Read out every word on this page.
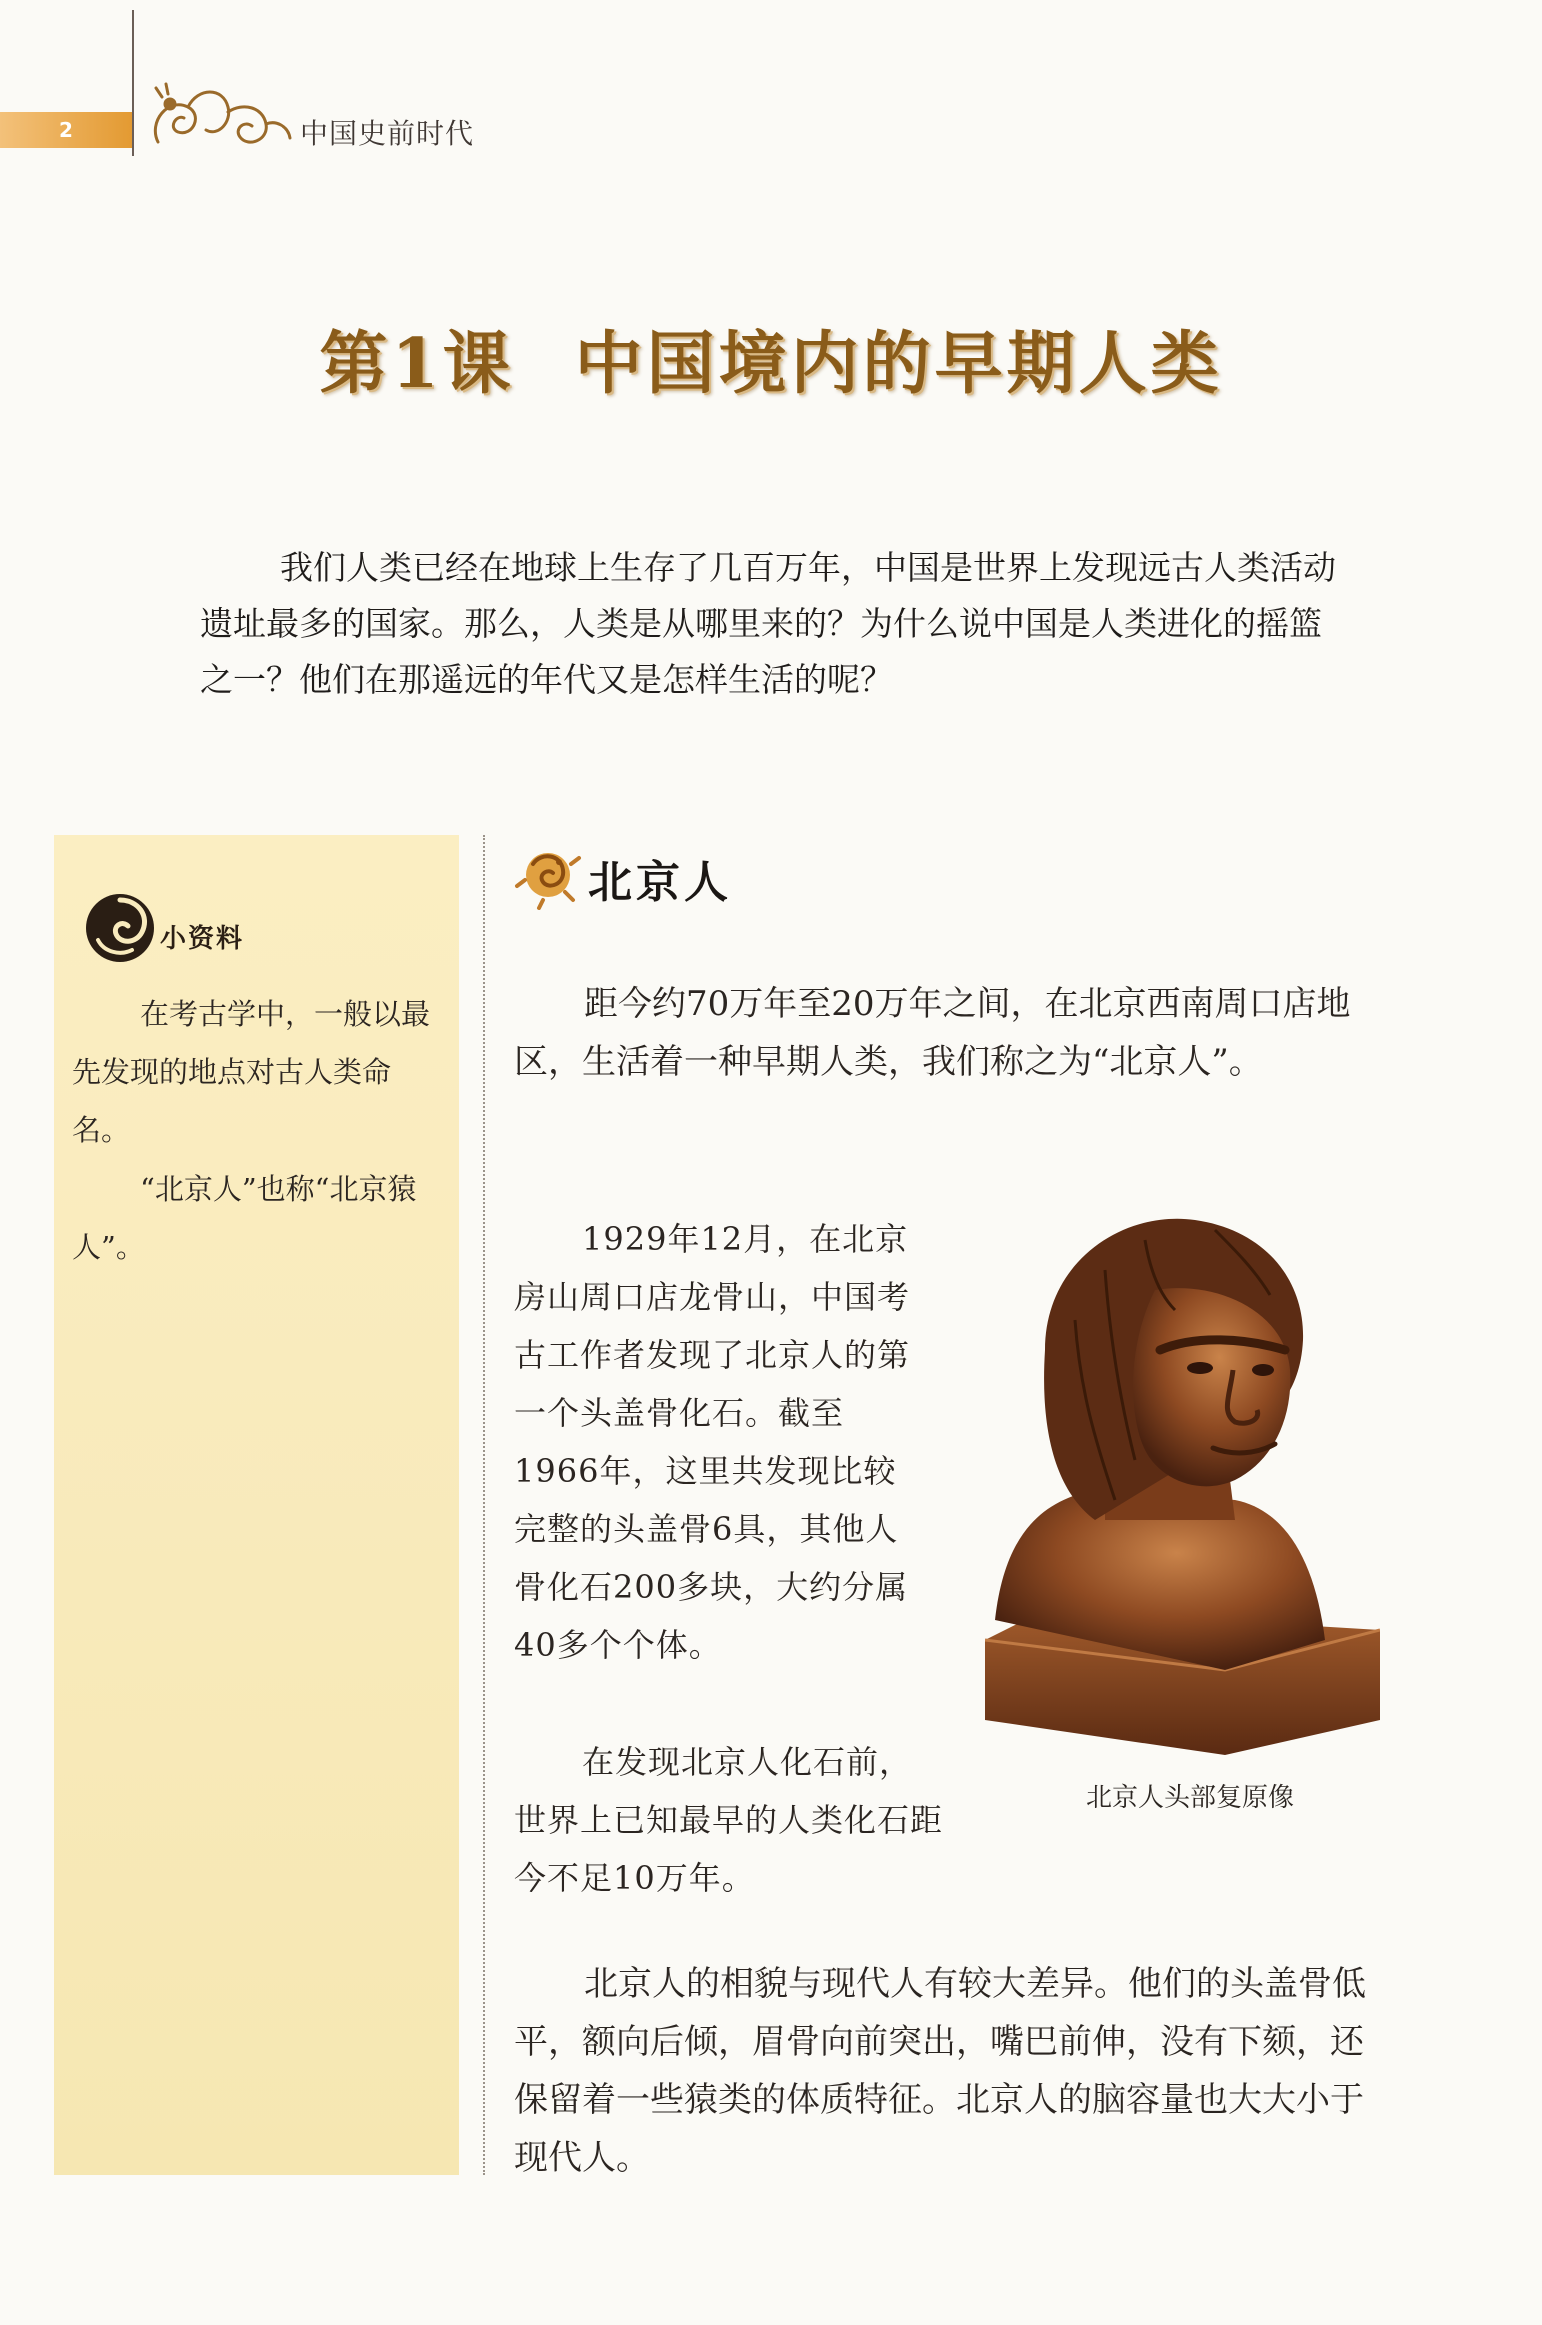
2	中国史前时代
第1课 中国境内的早期人类

我们人类已经在地球上生存了几百万年，中国是世界上发现远古人类活动遗址最多的国家。那么，人类是从哪里来的？为什么说中国是人类进化的摇篮之一？他们在那遥远的年代又是怎样生活的呢？

小资料

在考古学中，一般以最先发现的地点对古人类命名。

“北京人”也称“北京猿人”。

北京人

距今约70万年至20万年之间，在北京西南周口店地区，生活着一种早期人类，我们称之为“北京人”。

1929年12月，在北京房山周口店龙骨山，中国考古工作者发现了北京人的第一个头盖骨化石。截至1966年，这里共发现比较完整的头盖骨6具，其他人骨化石200多块，大约分属40多个个体。

在发现北京人化石前，世界上已知最早的人类化石距今不足10万年。

北京人的相貌与现代人有较大差异。他们的头盖骨低平，额向后倾，眉骨向前突出，嘴巴前伸，没有下颏，还保留着一些猿类的体质特征。北京人的脑容量也大大小于现代人。

北京人头部复原像
